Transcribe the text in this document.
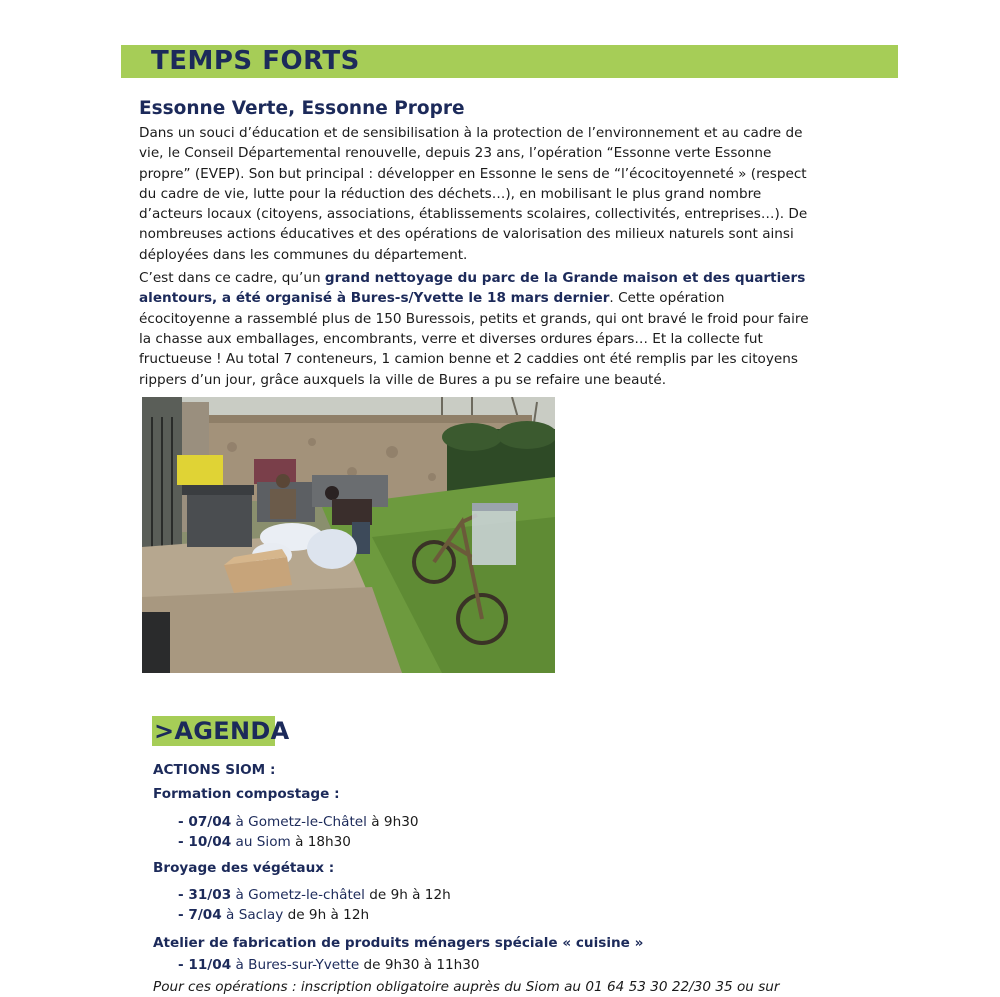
TEMPS FORTS
Essonne Verte, Essonne Propre

Dans un souci d’éducation et de sensibilisation à la protection de l’environnement et au cadre de vie, le Conseil Départemental renouvelle, depuis 23 ans, l’opération “Essonne verte Essonne propre” (EVEP). Son but principal : développer en Essonne le sens de “l’écocitoyenneté » (respect du cadre de vie, lutte pour la réduction des déchets…), en mobilisant le plus grand nombre d’acteurs locaux (citoyens, associations, établissements scolaires, collectivités, entreprises…). De nombreuses actions éducatives et des opérations de valorisation des milieux naturels sont ainsi déployées dans les communes du département.

C’est dans ce cadre, qu’un grand nettoyage du parc de la Grande maison et des quartiers alentours, a été organisé à Bures-s/Yvette le 18 mars dernier. Cette opération écocitoyenne a rassemblé plus de 150 Buressois, petits et grands, qui ont bravé le froid pour faire la chasse aux emballages, encombrants, verre et diverses ordures épars… Et la collecte fut fructueuse ! Au total 7 conteneurs, 1 camion benne et 2 caddies ont été remplis par les citoyens rippers d’un jour, grâce auxquels la ville de Bures a pu se refaire une beauté.

>AGENDA
ACTIONS SIOM :
Formation compostage :
- 07/04 à Gometz-le-Châtel à 9h30
- 10/04 au Siom à 18h30
Broyage des végétaux :
- 31/03 à Gometz-le-châtel de 9h à 12h
- 7/04 à Saclay de 9h à 12h
Atelier de fabrication de produits ménagers spéciale « cuisine »
- 11/04 à Bures-sur-Yvette de 9h30 à 11h30
Pour ces opérations : inscription obligatoire auprès du Siom au 01 64 53 30 22/30 35 ou sur
